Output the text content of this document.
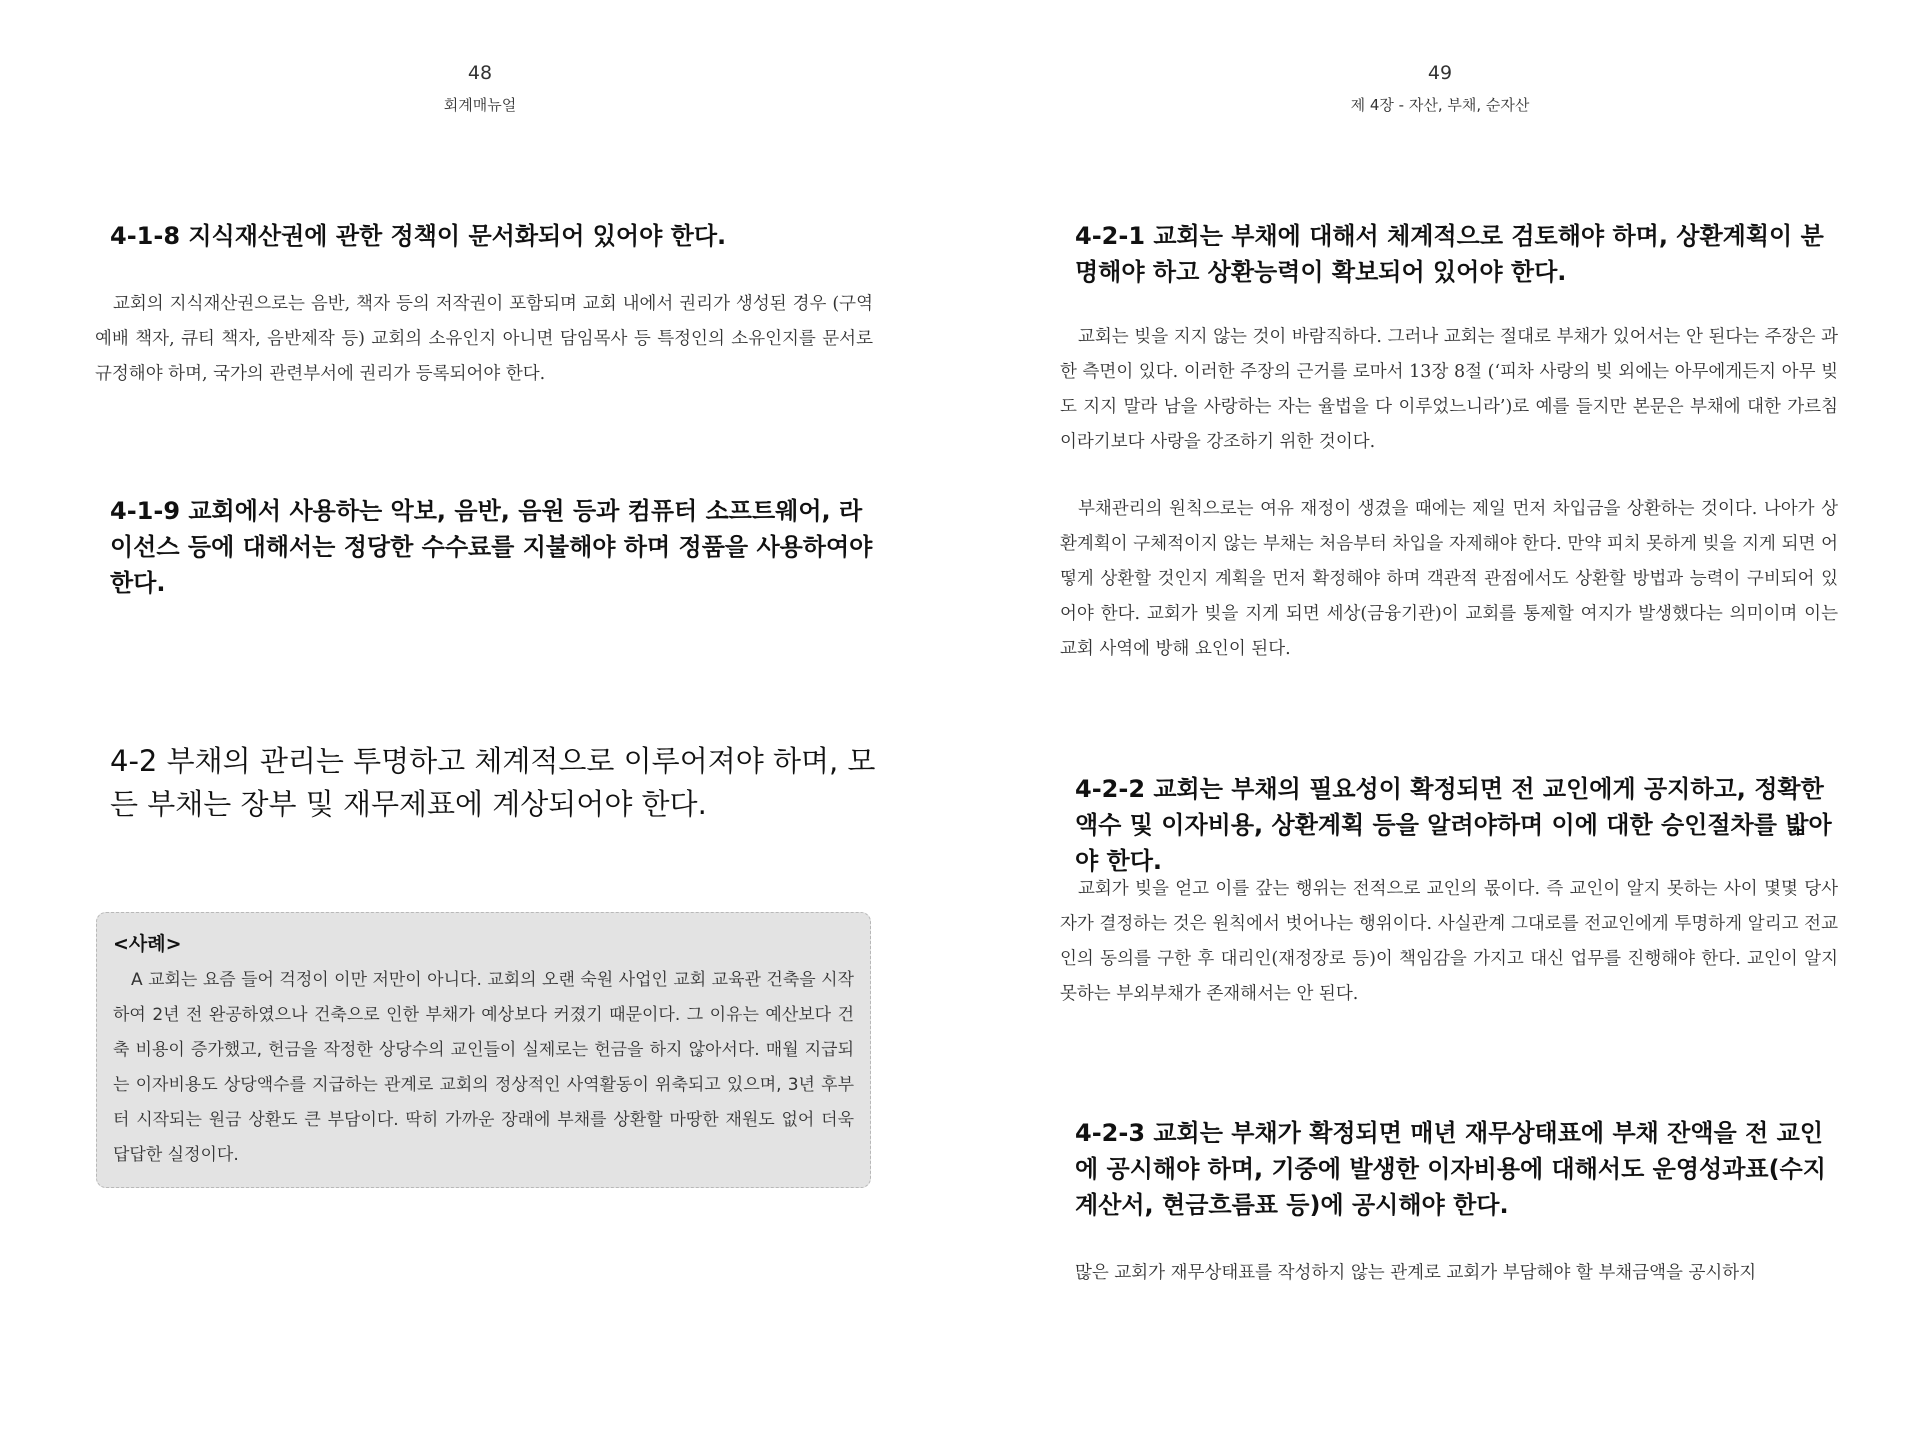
48
회계매뉴얼
4-1-8 지식재산권에 관한 정책이 문서화되어 있어야 한다.
교회의 지식재산권으로는 음반, 책자 등의 저작권이 포함되며 교회 내에서 권리가 생성된 경우 (구역예배 책자, 큐티 책자, 음반제작 등) 교회의 소유인지 아니면 담임목사 등 특정인의 소유인지를 문서로 규정해야 하며, 국가의 관련부서에 권리가 등록되어야 한다.
4-1-9 교회에서 사용하는 악보, 음반, 음원 등과 컴퓨터 소프트웨어, 라이선스 등에 대해서는 정당한 수수료를 지불해야 하며 정품을 사용하여야 한다.
4-2 부채의 관리는 투명하고 체계적으로 이루어져야 하며, 모든 부채는 장부 및 재무제표에 계상되어야 한다.
<사례>
A 교회는 요즘 들어 걱정이 이만 저만이 아니다. 교회의 오랜 숙원 사업인 교회 교육관 건축을 시작하여 2년 전 완공하였으나 건축으로 인한 부채가 예상보다 커졌기 때문이다. 그 이유는 예산보다 건축 비용이 증가했고, 헌금을 작정한 상당수의 교인들이 실제로는 헌금을 하지 않아서다. 매월 지급되는 이자비용도 상당액수를 지급하는 관계로 교회의 정상적인 사역활동이 위축되고 있으며, 3년 후부터 시작되는 원금 상환도 큰 부담이다. 딱히 가까운 장래에 부채를 상환할 마땅한 재원도 없어 더욱 답답한 실정이다.
49
제 4장 - 자산, 부채, 순자산
4-2-1 교회는 부채에 대해서 체계적으로 검토해야 하며, 상환계획이 분명해야 하고 상환능력이 확보되어 있어야 한다.
교회는 빚을 지지 않는 것이 바람직하다. 그러나 교회는 절대로 부채가 있어서는 안 된다는 주장은 과한 측면이 있다. 이러한 주장의 근거를 로마서 13장 8절 (‘피차 사랑의 빚 외에는 아무에게든지 아무 빚도 지지 말라 남을 사랑하는 자는 율법을 다 이루었느니라’)로 예를 들지만 본문은 부채에 대한 가르침이라기보다 사랑을 강조하기 위한 것이다.
부채관리의 원칙으로는 여유 재정이 생겼을 때에는 제일 먼저 차입금을 상환하는 것이다. 나아가 상환계획이 구체적이지 않는 부채는 처음부터 차입을 자제해야 한다. 만약 피치 못하게 빚을 지게 되면 어떻게 상환할 것인지 계획을 먼저 확정해야 하며 객관적 관점에서도 상환할 방법과 능력이 구비되어 있어야 한다. 교회가 빚을 지게 되면 세상(금융기관)이 교회를 통제할 여지가 발생했다는 의미이며 이는 교회 사역에 방해 요인이 된다.
4-2-2 교회는 부채의 필요성이 확정되면 전 교인에게 공지하고, 정확한 액수 및 이자비용, 상환계획 등을 알려야하며 이에 대한 승인절차를 밟아야 한다.
교회가 빚을 얻고 이를 갚는 행위는 전적으로 교인의 몫이다. 즉 교인이 알지 못하는 사이 몇몇 당사자가 결정하는 것은 원칙에서 벗어나는 행위이다. 사실관계 그대로를 전교인에게 투명하게 알리고 전교인의 동의를 구한 후 대리인(재정장로 등)이 책임감을 가지고 대신 업무를 진행해야 한다. 교인이 알지 못하는 부외부채가 존재해서는 안 된다.
4-2-3 교회는 부채가 확정되면 매년 재무상태표에 부채 잔액을 전 교인에 공시해야 하며, 기중에 발생한 이자비용에 대해서도 운영성과표(수지계산서, 현금흐름표 등)에 공시해야 한다.
많은 교회가 재무상태표를 작성하지 않는 관계로 교회가 부담해야 할 부채금액을 공시하지
